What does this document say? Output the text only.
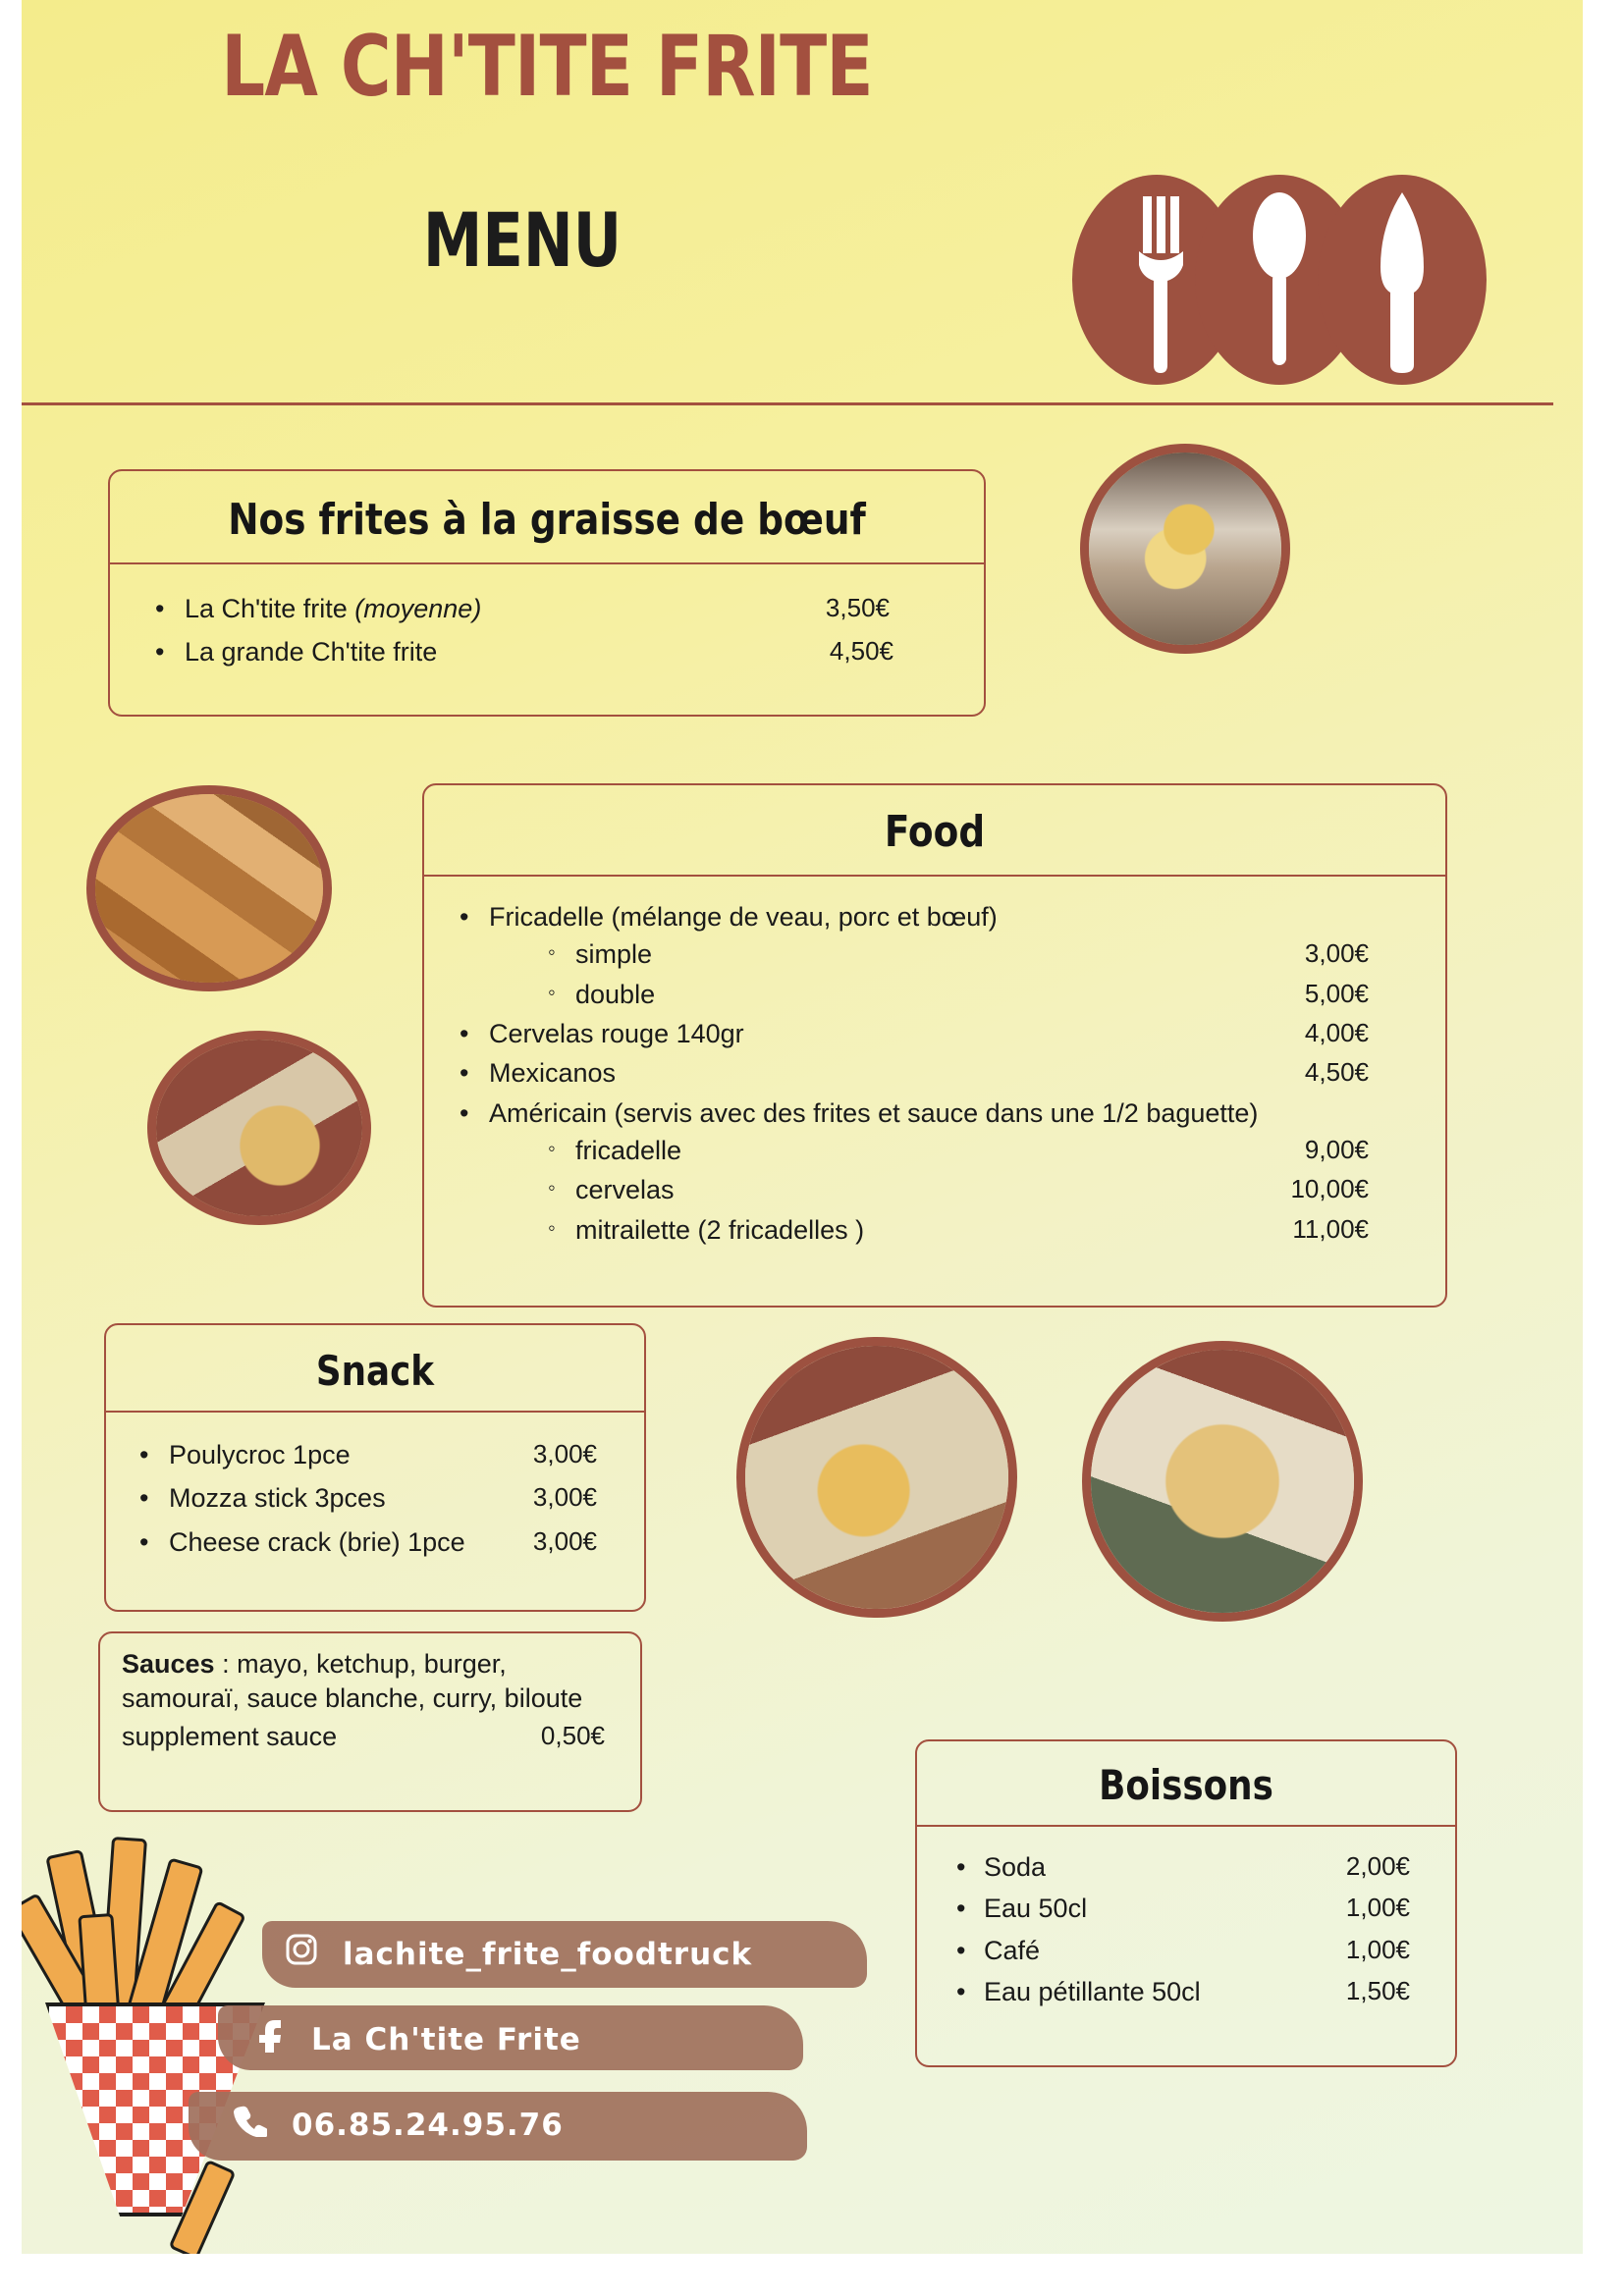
LA CH'TITE FRITE
MENU
Nos frites à la graisse de bœuf
• La Ch'tite frite (moyenne)	3,50€
• La grande Ch'tite frite	4,50€
Food
• Fricadelle (mélange de veau, porc et bœuf)
◦ simple	3,00€
◦ double	5,00€
• Cervelas rouge 140gr	4,00€
• Mexicanos	4,50€
• Américain (servis avec des frites et sauce dans une 1/2 baguette)
◦ fricadelle	9,00€
◦ cervelas	10,00€
◦ mitrailette (2 fricadelles )	11,00€
Snack
• Poulycroc 1pce	3,00€
• Mozza stick 3pces	3,00€
• Cheese crack (brie) 1pce	3,00€
Sauces : mayo, ketchup, burger, samouraï, sauce blanche, curry, biloute
supplement sauce	0,50€
Boissons
• Soda	2,00€
• Eau 50cl	1,00€
• Café	1,00€
• Eau pétillante 50cl	1,50€
lachite_frite_foodtruck
La Ch'tite Frite
06.85.24.95.76
